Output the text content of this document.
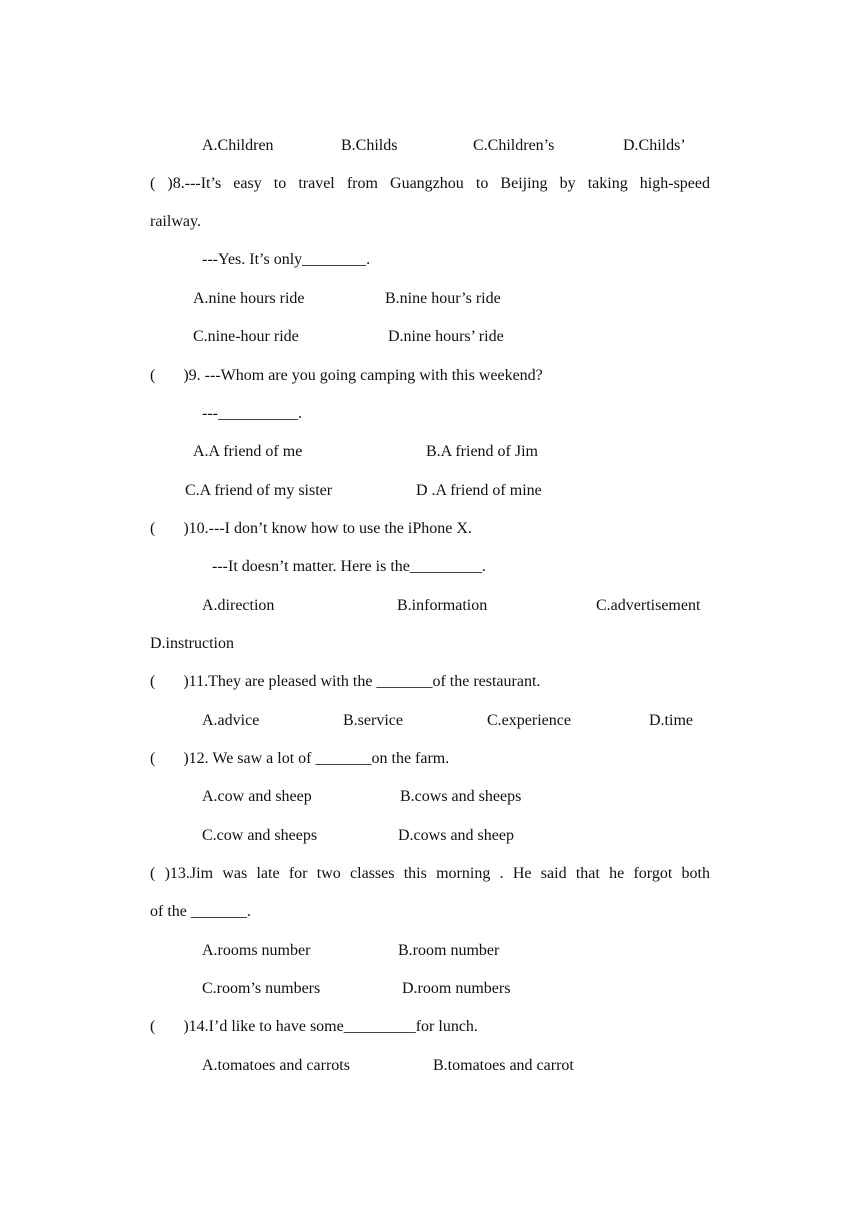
A.Children	B.Childs	C.Children’s	D.Childs’
( )8.---It’s easy to travel from Guangzhou to Beijing by taking high-speed
railway.
---Yes. It’s only________.
A.nine hours ride	B.nine hour’s ride
C.nine-hour ride	D.nine hours’ ride
(       )9. ---Whom are you going camping with this weekend?
---__________.
A.A friend of me	B.A friend of Jim
C.A friend of my sister	D .A friend of mine
(       )10.---I don’t know how to use the iPhone X.
---It doesn’t matter. Here is the_________.
A.direction	B.information	C.advertisement
D.instruction
(       )11.They are pleased with the _______of the restaurant.
A.advice	B.service	C.experience	D.time
(       )12. We saw a lot of _______on the farm.
A.cow and sheep	B.cows and sheeps
C.cow and sheeps	D.cows and sheep
( )13.Jim was late for two classes this morning . He said that he forgot both
of the _______.
A.rooms number	B.room number
C.room’s numbers	D.room numbers
(       )14.I’d like to have some_________for lunch.
A.tomatoes and carrots	B.tomatoes and carrot
